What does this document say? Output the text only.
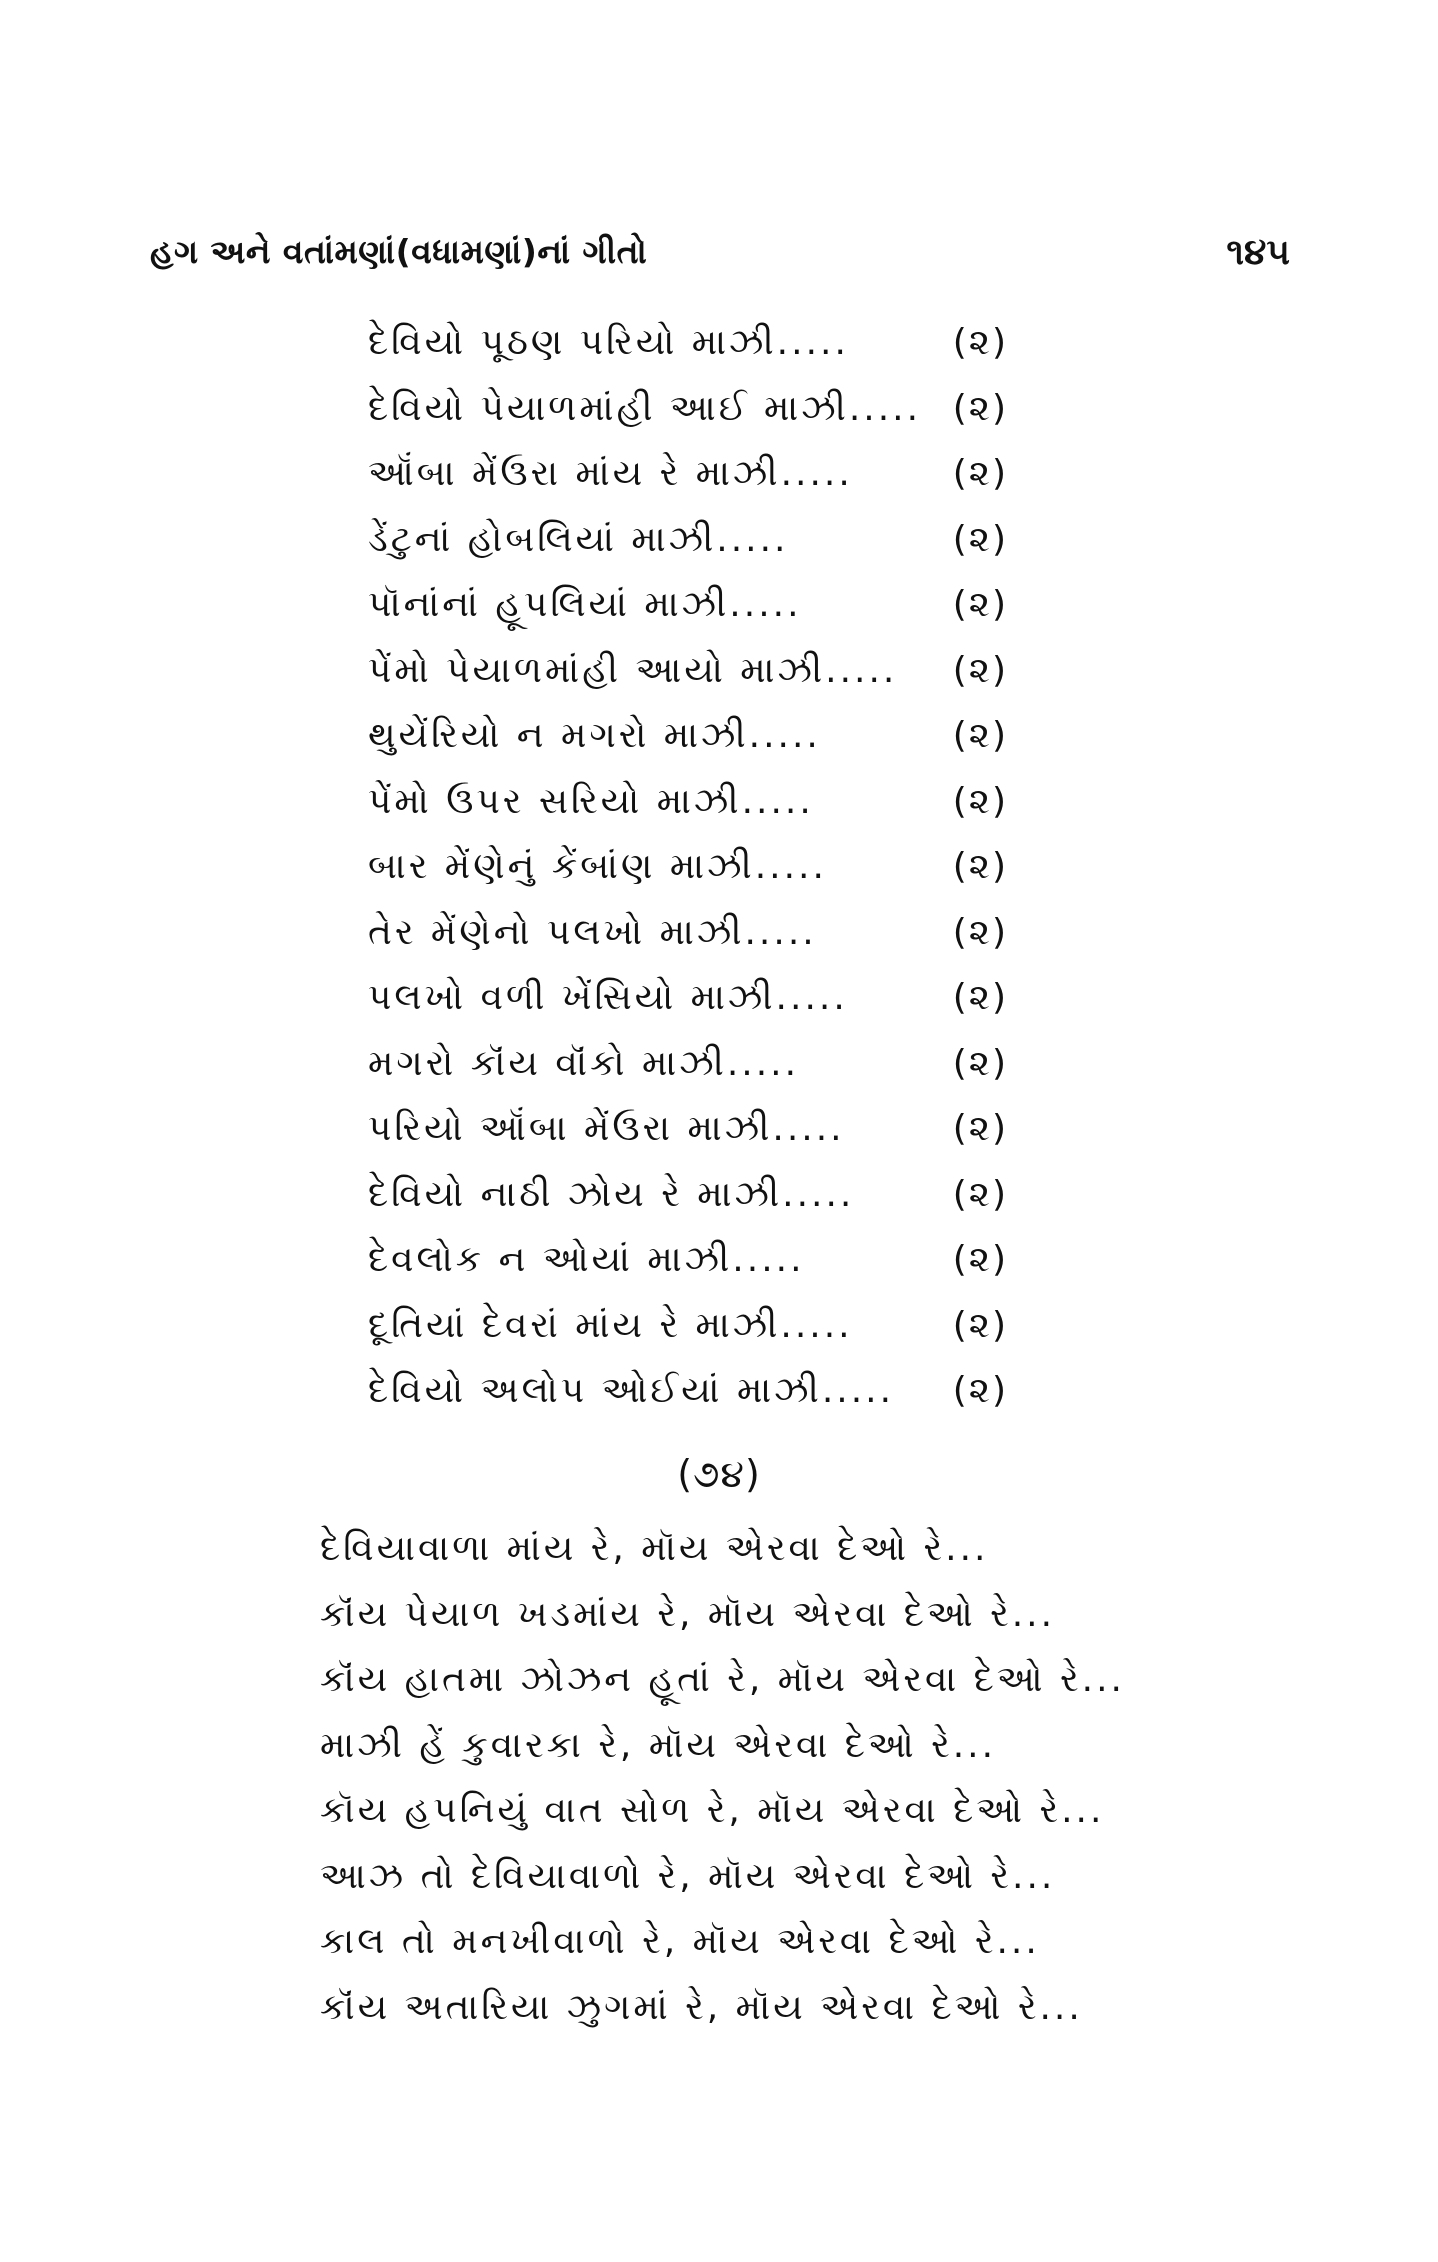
હગ અને વતાંમણાં(વધામણાં)નાં ગીતો	૧૪૫
દેવિયો પૂઠણ પરિયો માઝી.....	(૨)
દેવિયો પેયાળમાંહી આઈ માઝી..... (૨)
ઑંબા મેંઉરા માંય રે માઝી.....	(૨)
ડેંટુનાં હોબલિયાં માઝી.....	(૨)
પૉનાંનાં હૂપલિયાં માઝી.....	(૨)
પેંમો પેયાળમાંહી આયો માઝી..... (૨)
થુયેંરિયો ન મગરો માઝી.....	(૨)
પેંમો ઉપર સરિયો માઝી.....	(૨)
બાર મેંણેનું કેંબાંણ માઝી.....	(૨)
તેર મેંણેનો પલખો માઝી.....	(૨)
પલખો વળી ખેંસિયો માઝી.....	(૨)
મગરો કૉંય વૉંકો માઝી.....	(૨)
પરિયો ઑંબા મેંઉરા માઝી.....	(૨)
દેવિયો નાઠી ઝોય રે માઝી.....	(૨)
દેવલોક ન ઓયાં માઝી.....	(૨)
દૂતિયાં દેવરાં માંય રે માઝી.....	(૨)
દેવિયો અલોપ ઓઈયાં માઝી..... (૨)
(૭૪)
દેવિયાવાળા માંય રે, મૉય એરવા દેઓ રે...
કૉંય પેયાળ ખડમાંય રે, મૉય એરવા દેઓ રે...
કૉંય હાતમા ઝોઝન હૂતાં રે, મૉય એરવા દેઓ રે...
માઝી હેં કુવારકા રે, મૉય એરવા દેઓ રે...
કૉય હપનિયું વાત સોળ રે, મૉય એરવા દેઓ રે...
આઝ તો દેવિયાવાળો રે, મૉય એરવા દેઓ રે...
કાલ તો મનખીવાળો રે, મૉય એરવા દેઓ રે...
કૉંય અતારિયા ઝુગમાં રે, મૉય એરવા દેઓ રે...
